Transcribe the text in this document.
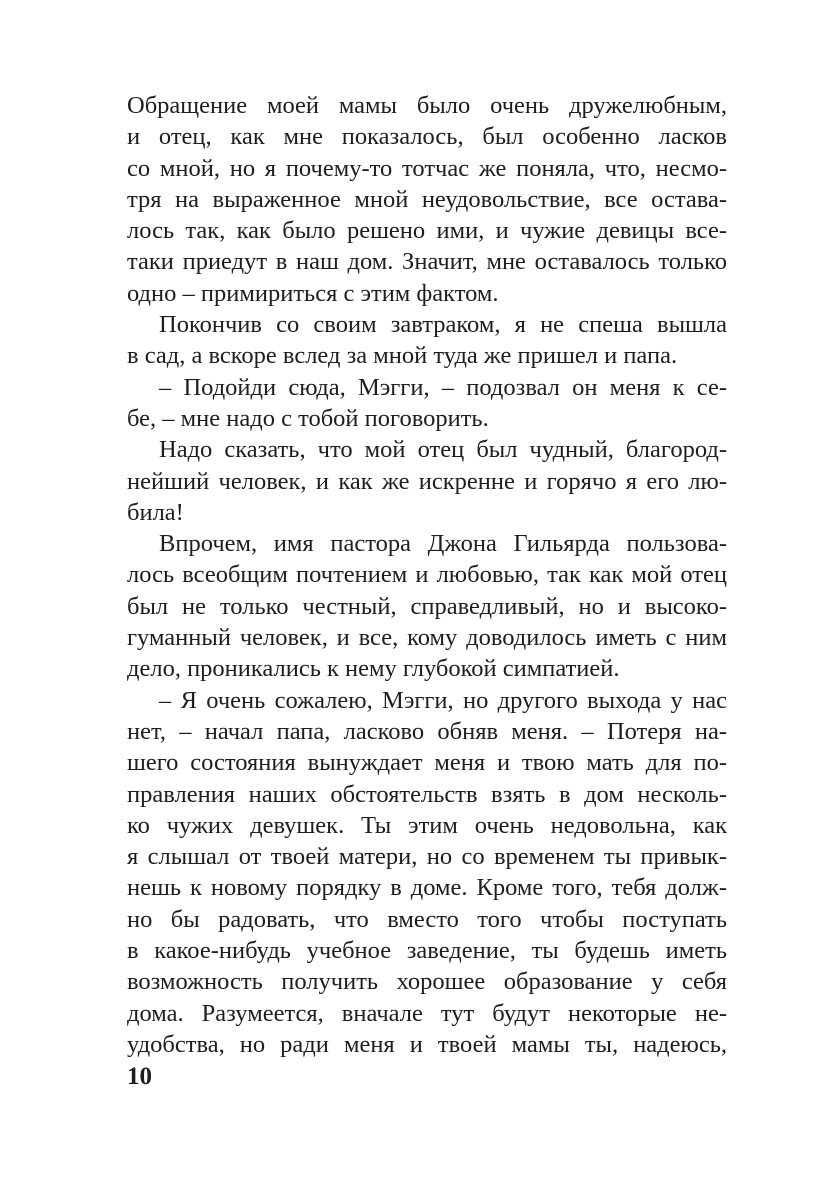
Обращение моей мамы было очень дружелюбным,
и отец, как мне показалось, был особенно ласков
со мной, но я почему-то тотчас же поняла, что, несмо-
тря на выраженное мной неудовольствие, все остава-
лось так, как было решено ими, и чужие девицы все-
таки приедут в наш дом. Значит, мне оставалось только
одно – примириться с этим фактом.
Покончив со своим завтраком, я не спеша вышла
в сад, а вскоре вслед за мной туда же пришел и папа.
– Подойди сюда, Мэгги, – подозвал он меня к се-
бе, – мне надо с тобой поговорить.
Надо сказать, что мой отец был чудный, благород-
нейший человек, и как же искренне и горячо я его лю-
била!
Впрочем, имя пастора Джона Гильярда пользова-
лось всеобщим почтением и любовью, так как мой отец
был не только честный, справедливый, но и высоко-
гуманный человек, и все, кому доводилось иметь с ним
дело, проникались к нему глубокой симпатией.
– Я очень сожалею, Мэгги, но другого выхода у нас
нет, – начал папа, ласково обняв меня. – Потеря на-
шего состояния вынуждает меня и твою мать для по-
правления наших обстоятельств взять в дом несколь-
ко чужих девушек. Ты этим очень недовольна, как
я слышал от твоей матери, но со временем ты привык-
нешь к новому порядку в доме. Кроме того, тебя долж-
но бы радовать, что вместо того чтобы поступать
в какое-нибудь учебное заведение, ты будешь иметь
возможность получить хорошее образование у себя
дома. Разумеется, вначале тут будут некоторые не-
удобства, но ради меня и твоей мамы ты, надеюсь,
10
